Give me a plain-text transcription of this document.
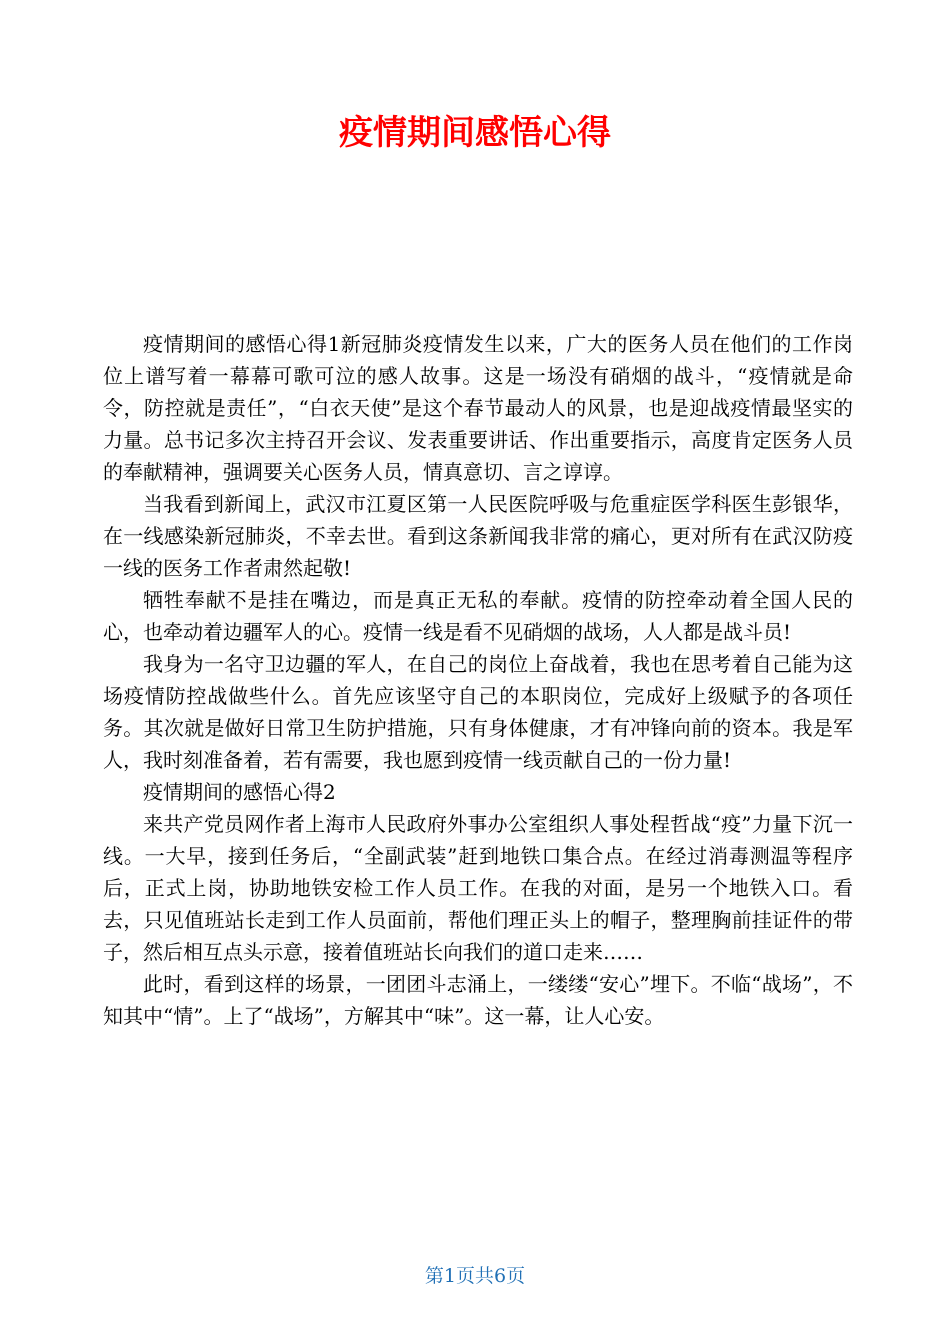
疫情期间感悟心得

疫情期间的感悟心得1新冠肺炎疫情发生以来，广大的医务人员在他们的工作岗位上谱写着一幕幕可歌可泣的感人故事。这是一场没有硝烟的战斗，“疫情就是命令，防控就是责任”，“白衣天使”是这个春节最动人的风景，也是迎战疫情最坚实的力量。总书记多次主持召开会议、发表重要讲话、作出重要指示，高度肯定医务人员的奉献精神，强调要关心医务人员，情真意切、言之谆谆。

当我看到新闻上，武汉市江夏区第一人民医院呼吸与危重症医学科医生彭银华，在一线感染新冠肺炎，不幸去世。看到这条新闻我非常的痛心，更对所有在武汉防疫一线的医务工作者肃然起敬!

牺牲奉献不是挂在嘴边，而是真正无私的奉献。疫情的防控牵动着全国人民的心，也牵动着边疆军人的心。疫情一线是看不见硝烟的战场，人人都是战斗员!

我身为一名守卫边疆的军人，在自己的岗位上奋战着，我也在思考着自己能为这场疫情防控战做些什么。首先应该坚守自己的本职岗位，完成好上级赋予的各项任务。其次就是做好日常卫生防护措施，只有身体健康，才有冲锋向前的资本。我是军人，我时刻准备着，若有需要，我也愿到疫情一线贡献自己的一份力量!

疫情期间的感悟心得2

来共产党员网作者上海市人民政府外事办公室组织人事处程哲战“疫”力量下沉一线。一大早，接到任务后，“全副武装”赶到地铁口集合点。在经过消毒测温等程序后，正式上岗，协助地铁安检工作人员工作。在我的对面，是另一个地铁入口。看去，只见值班站长走到工作人员面前，帮他们理正头上的帽子，整理胸前挂证件的带子，然后相互点头示意，接着值班站长向我们的道口走来……

此时，看到这样的场景，一团团斗志涌上，一缕缕“安心”埋下。不临“战场”，不知其中“情”。上了“战场”，方解其中“味”。这一幕，让人心安。

第1页共6页
